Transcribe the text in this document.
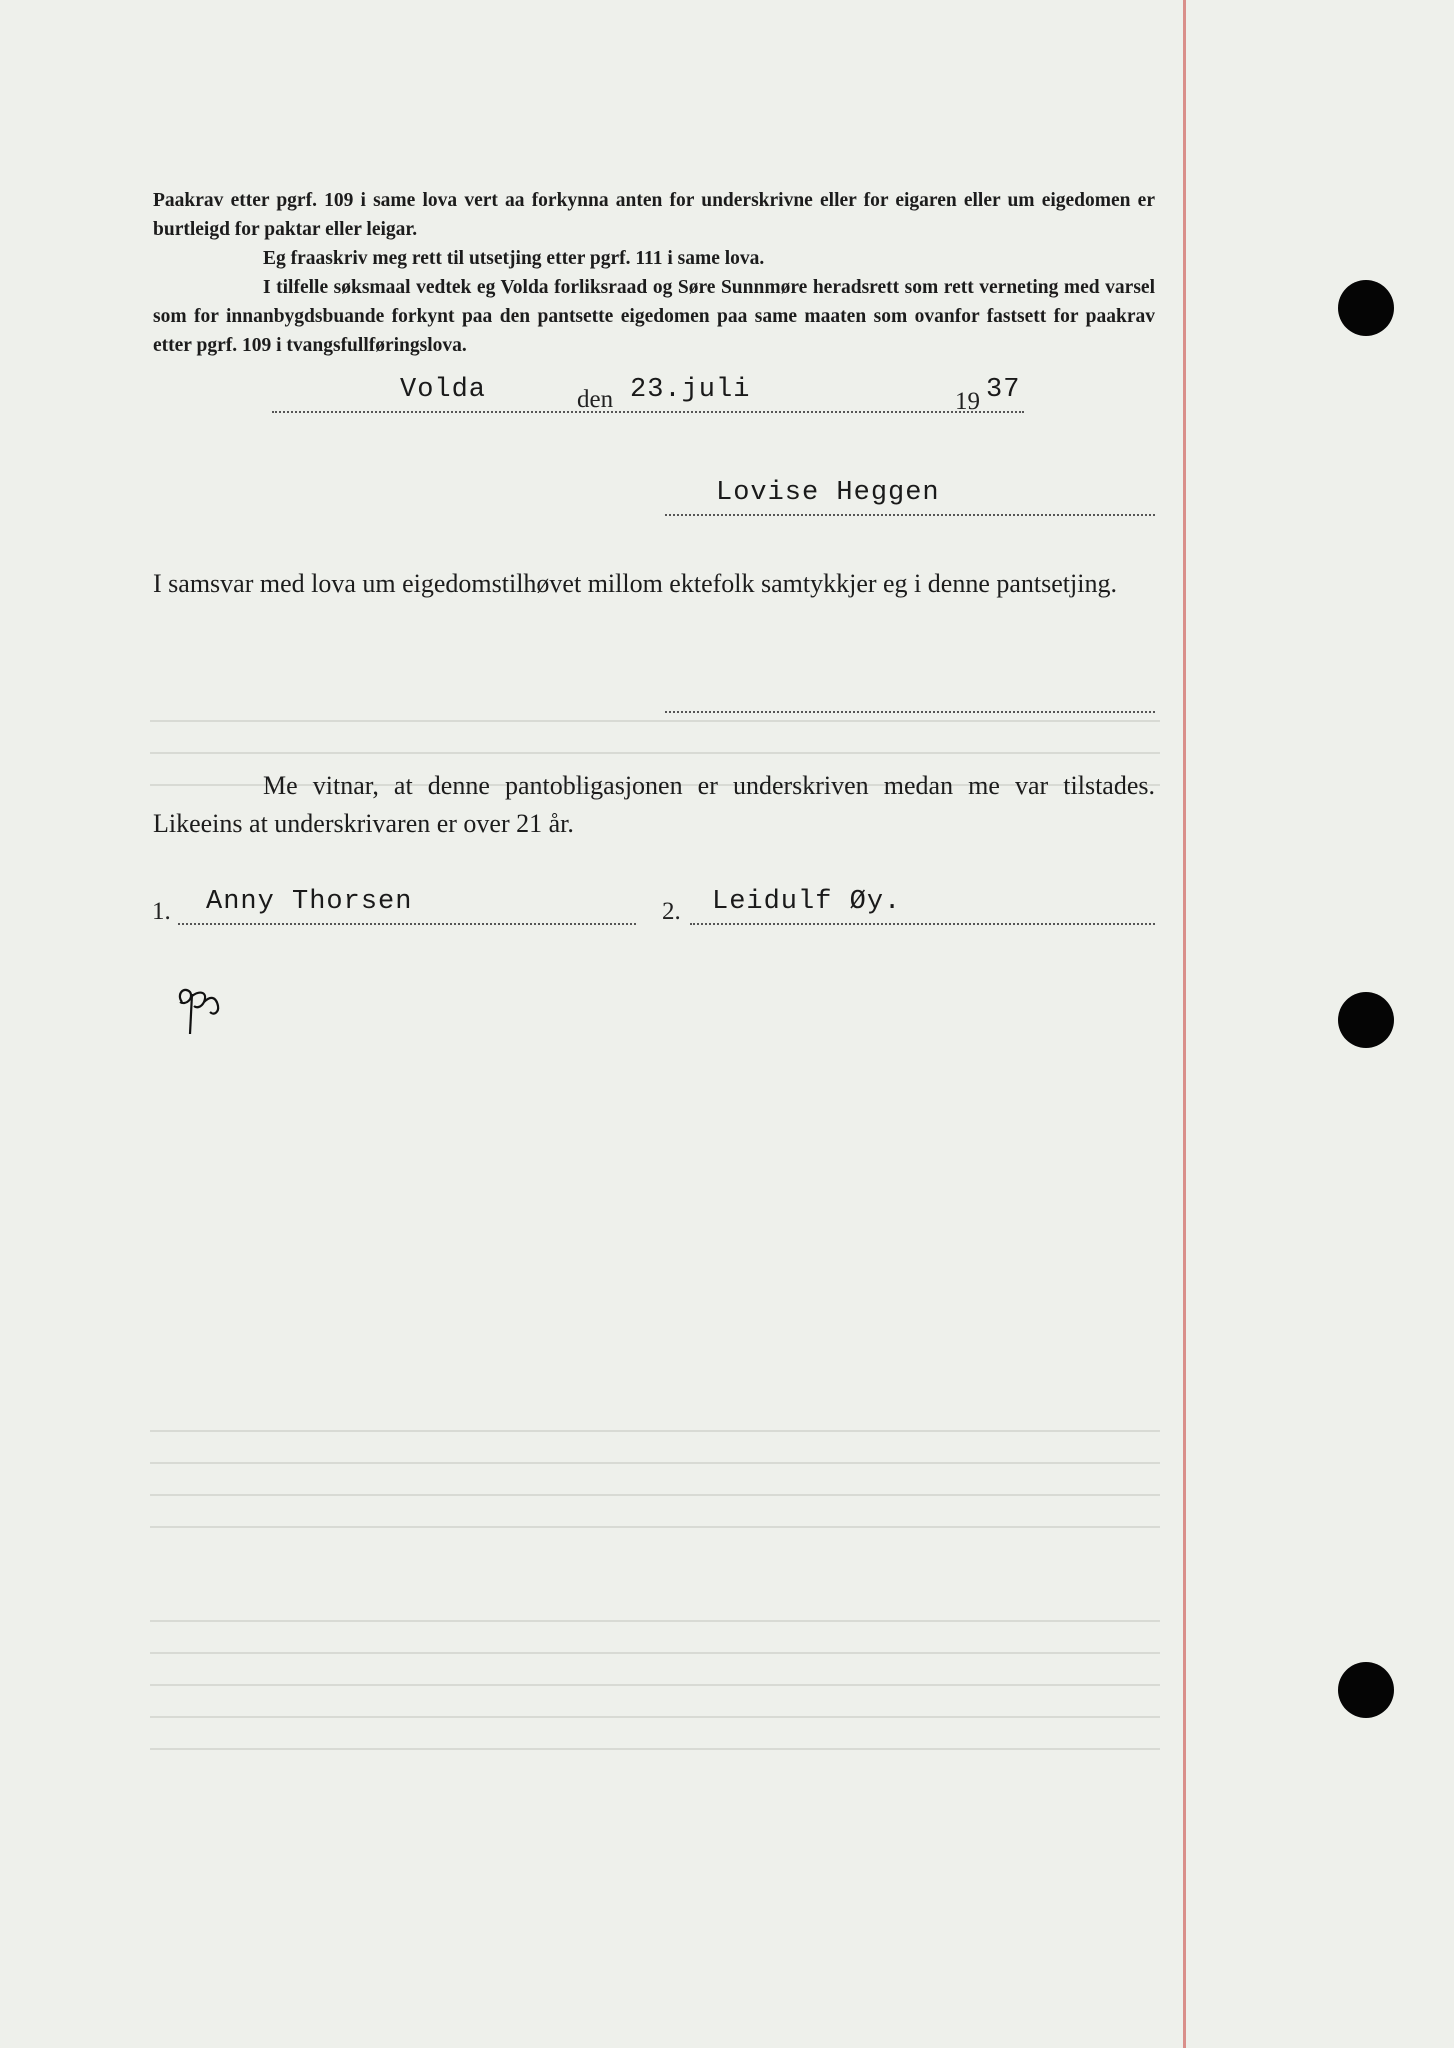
Paakrav etter pgrf. 109 i same lova vert aa forkynna anten for underskrivne eller for eigaren eller um eigedomen er burtleigd for paktar eller leigar.

Eg fraaskriv meg rett til utsetjing etter pgrf. 111 i same lova.

I tilfelle søksmaal vedtek eg Volda forliksraad og Søre Sunnmøre heradsrett som rett verneting med varsel som for innanbygdsbuande forkynt paa den pantsette eigedomen paa same maaten som ovanfor fastsett for paakrav etter pgrf. 109 i tvangsfullføringslova.

Volda	den 23.juli	19 37
Lovise Heggen
I samsvar med lova um eigedomstilhøvet millom ektefolk samtykkjer eg i denne pantsetjing.
Me vitnar, at denne pantobligasjonen er underskriven medan me var tilstades. Likeeins at underskrivaren er over 21 år.
1. Anny Thorsen	2. Leidulf Øy.
